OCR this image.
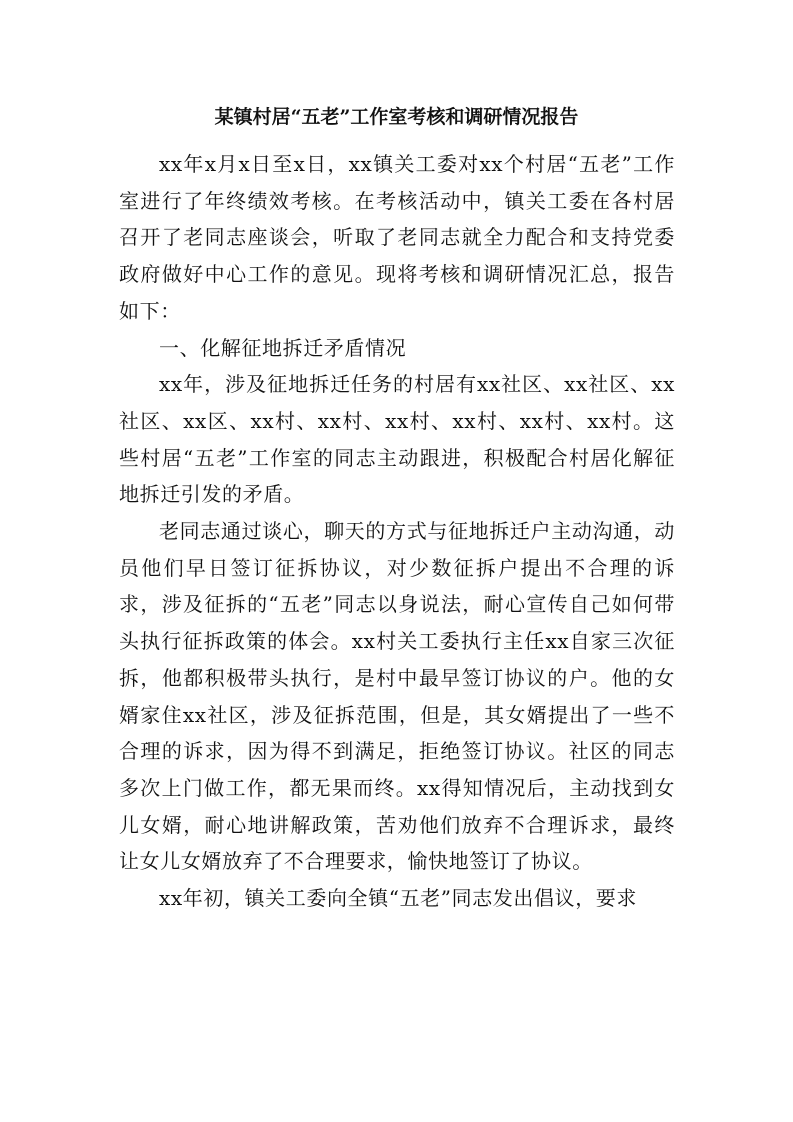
某镇村居“五老”工作室考核和调研情况报告

xx年x月x日至x日，xx镇关工委对xx个村居“五老”工作室进行了年终绩效考核。在考核活动中，镇关工委在各村居召开了老同志座谈会，听取了老同志就全力配合和支持党委政府做好中心工作的意见。现将考核和调研情况汇总，报告如下：

一、化解征地拆迁矛盾情况

xx年，涉及征地拆迁任务的村居有xx社区、xx社区、xx社区、xx区、xx村、xx村、xx村、xx村、xx村、xx村。这些村居“五老”工作室的同志主动跟进，积极配合村居化解征地拆迁引发的矛盾。

老同志通过谈心，聊天的方式与征地拆迁户主动沟通，动员他们早日签订征拆协议，对少数征拆户提出不合理的诉求，涉及征拆的“五老”同志以身说法，耐心宣传自己如何带头执行征拆政策的体会。xx村关工委执行主任xx自家三次征拆，他都积极带头执行，是村中最早签订协议的户。他的女婿家住xx社区，涉及征拆范围，但是，其女婿提出了一些不合理的诉求，因为得不到满足，拒绝签订协议。社区的同志多次上门做工作，都无果而终。xx得知情况后，主动找到女儿女婿，耐心地讲解政策，苦劝他们放弃不合理诉求，最终让女儿女婿放弃了不合理要求，愉快地签订了协议。

xx年初，镇关工委向全镇“五老”同志发出倡议，要求
